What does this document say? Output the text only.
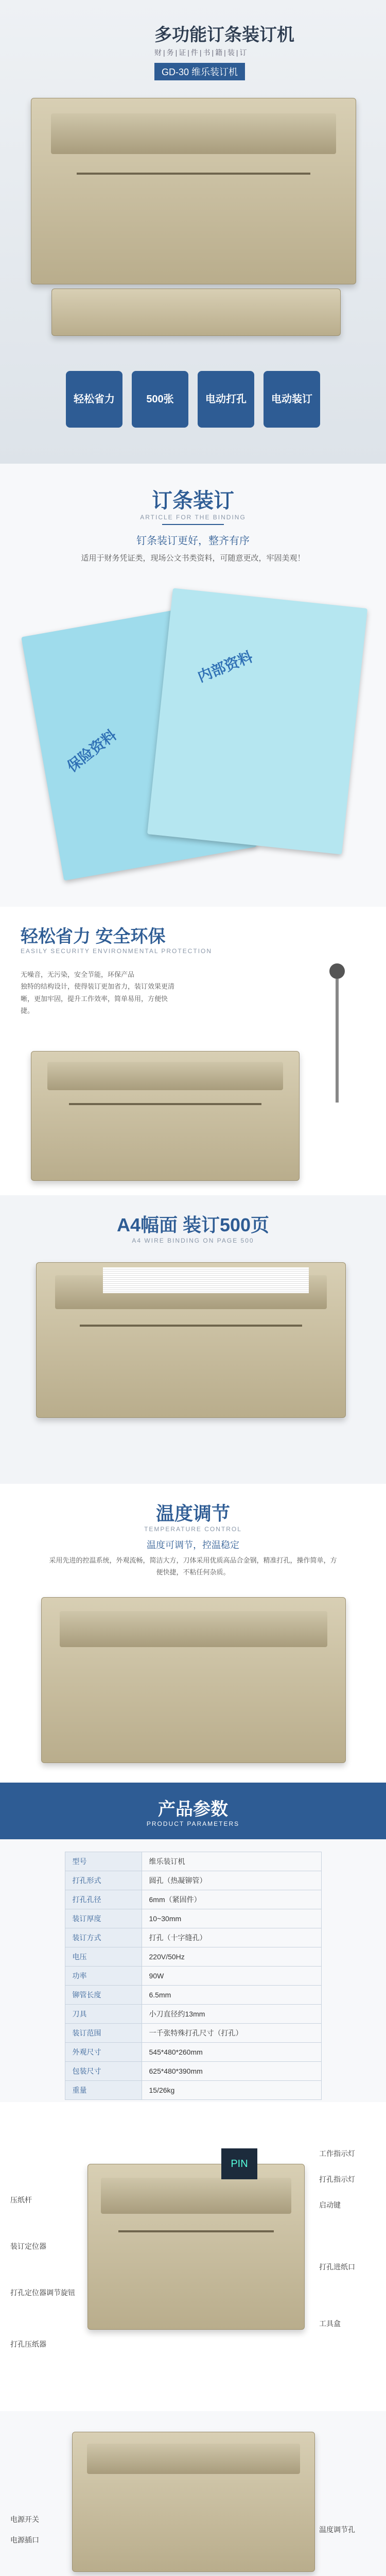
多功能订条装订机
财|务|证|件|书|籍|装|订
GD-30 维乐装订机
轻松省力	500张	电动打孔	电动装订
订条装订
ARTICLE FOR THE BINDING
钉条装订更好，整齐有序
适用于财务凭证类，现场公文书类资料，可随意更改，牢固美观！
保险资料
内部资料
轻松省力 安全环保
EASILY SECURITY ENVIRONMENTAL PROTECTION
无噪音，无污染，安全节能，环保产品
独特的结构设计，使得装订更加省力，装订效果更清晰，更加牢固，提升工作效率，简单易用，方便快捷。
A4幅面 装订500页
A4 WIRE BINDING ON PAGE 500
温度调节
TEMPERATURE CONTROL
温度可调节，控温稳定
采用先进的控温系统，外观流畅，简洁大方，刀体采用优质高品合金钢，精准打孔，操作简单，方便快捷，不粘任何杂质。
产品参数
PRODUCT PARAMETERS
型号	维乐装订机
打孔形式	圆孔（热凝铆管）
打孔孔径	6mm（紧固件）
装订厚度	10~30mm
装订方式	打孔（十字缝孔）
电压	220V/50Hz
功率	90W
铆管长度	6.5mm
刀具	小刀直径约13mm
装订范围	一千张特殊打孔尺寸（打孔）
外观尺寸	545*480*260mm
包装尺寸	625*480*390mm
重量	15/26kg
PIN
压纸杆
装订定位器
打孔定位器调节旋钮
打孔压纸器
工作指示灯
打孔指示灯
启动键
打孔进纸口
工具盒
电源开关
电源插口
温度调节孔
